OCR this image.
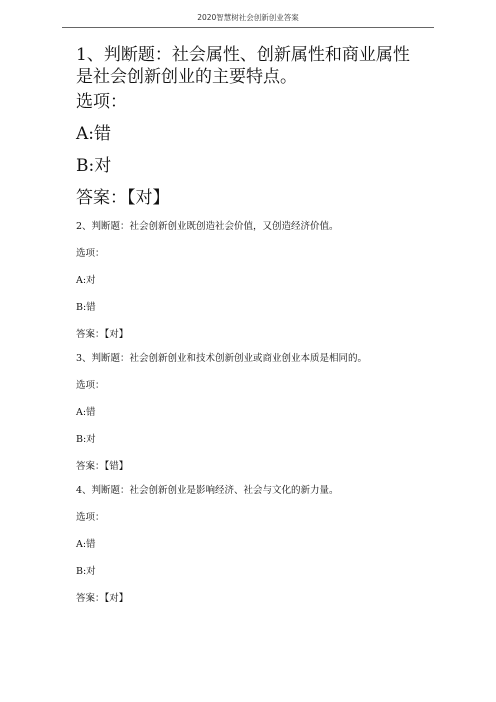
2020智慧树社会创新创业答案
1、判断题：社会属性、创新属性和商业属性
是社会创新创业的主要特点。
选项：
A:错
B:对
答案：【对】
2、判断题：社会创新创业既创造社会价值，又创造经济价值。
选项：
A:对
B:错
答案：【对】
3、判断题：社会创新创业和技术创新创业或商业创业本质是相同的。
选项：
A:错
B:对
答案：【错】
4、判断题：社会创新创业是影响经济、社会与文化的新力量。
选项：
A:错
B:对
答案：【对】
